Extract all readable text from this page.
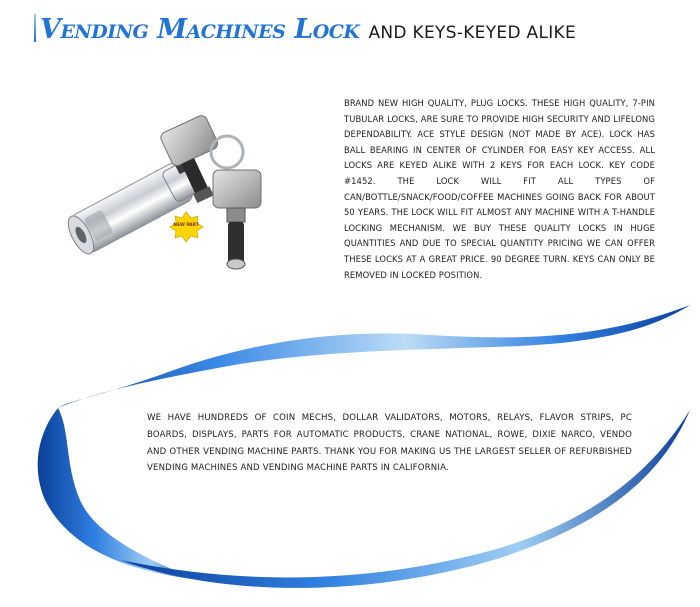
Vending Machines Lock AND KEYS-KEYED ALIKE
NEW PART
BRAND NEW HIGH QUALITY, PLUG LOCKS. THESE HIGH QUALITY, 7-PIN TUBULAR LOCKS, ARE SURE TO PROVIDE HIGH SECURITY AND LIFELONG DEPENDABILITY. ACE STYLE DESIGN (NOT MADE BY ACE). LOCK HAS BALL BEARING IN CENTER OF CYLINDER FOR EASY KEY ACCESS. ALL LOCKS ARE KEYED ALIKE WITH 2 KEYS FOR EACH LOCK. KEY CODE #1452. THE LOCK WILL FIT ALL TYPES OF CAN/BOTTLE/SNACK/FOOD/COFFEE MACHINES GOING BACK FOR ABOUT 50 YEARS. THE LOCK WILL FIT ALMOST ANY MACHINE WITH A T-HANDLE LOCKING MECHANISM. WE BUY THESE QUALITY LOCKS IN HUGE QUANTITIES AND DUE TO SPECIAL QUANTITY PRICING WE CAN OFFER THESE LOCKS AT A GREAT PRICE. 90 DEGREE TURN. KEYS CAN ONLY BE REMOVED IN LOCKED POSITION.
WE HAVE HUNDREDS OF COIN MECHS, DOLLAR VALIDATORS, MOTORS, RELAYS, FLAVOR STRIPS, PC BOARDS, DISPLAYS, PARTS FOR AUTOMATIC PRODUCTS, CRANE NATIONAL, ROWE, DIXIE NARCO, VENDO AND OTHER VENDING MACHINE PARTS. THANK YOU FOR MAKING US THE LARGEST SELLER OF REFURBISHED VENDING MACHINES AND VENDING MACHINE PARTS IN CALIFORNIA.
